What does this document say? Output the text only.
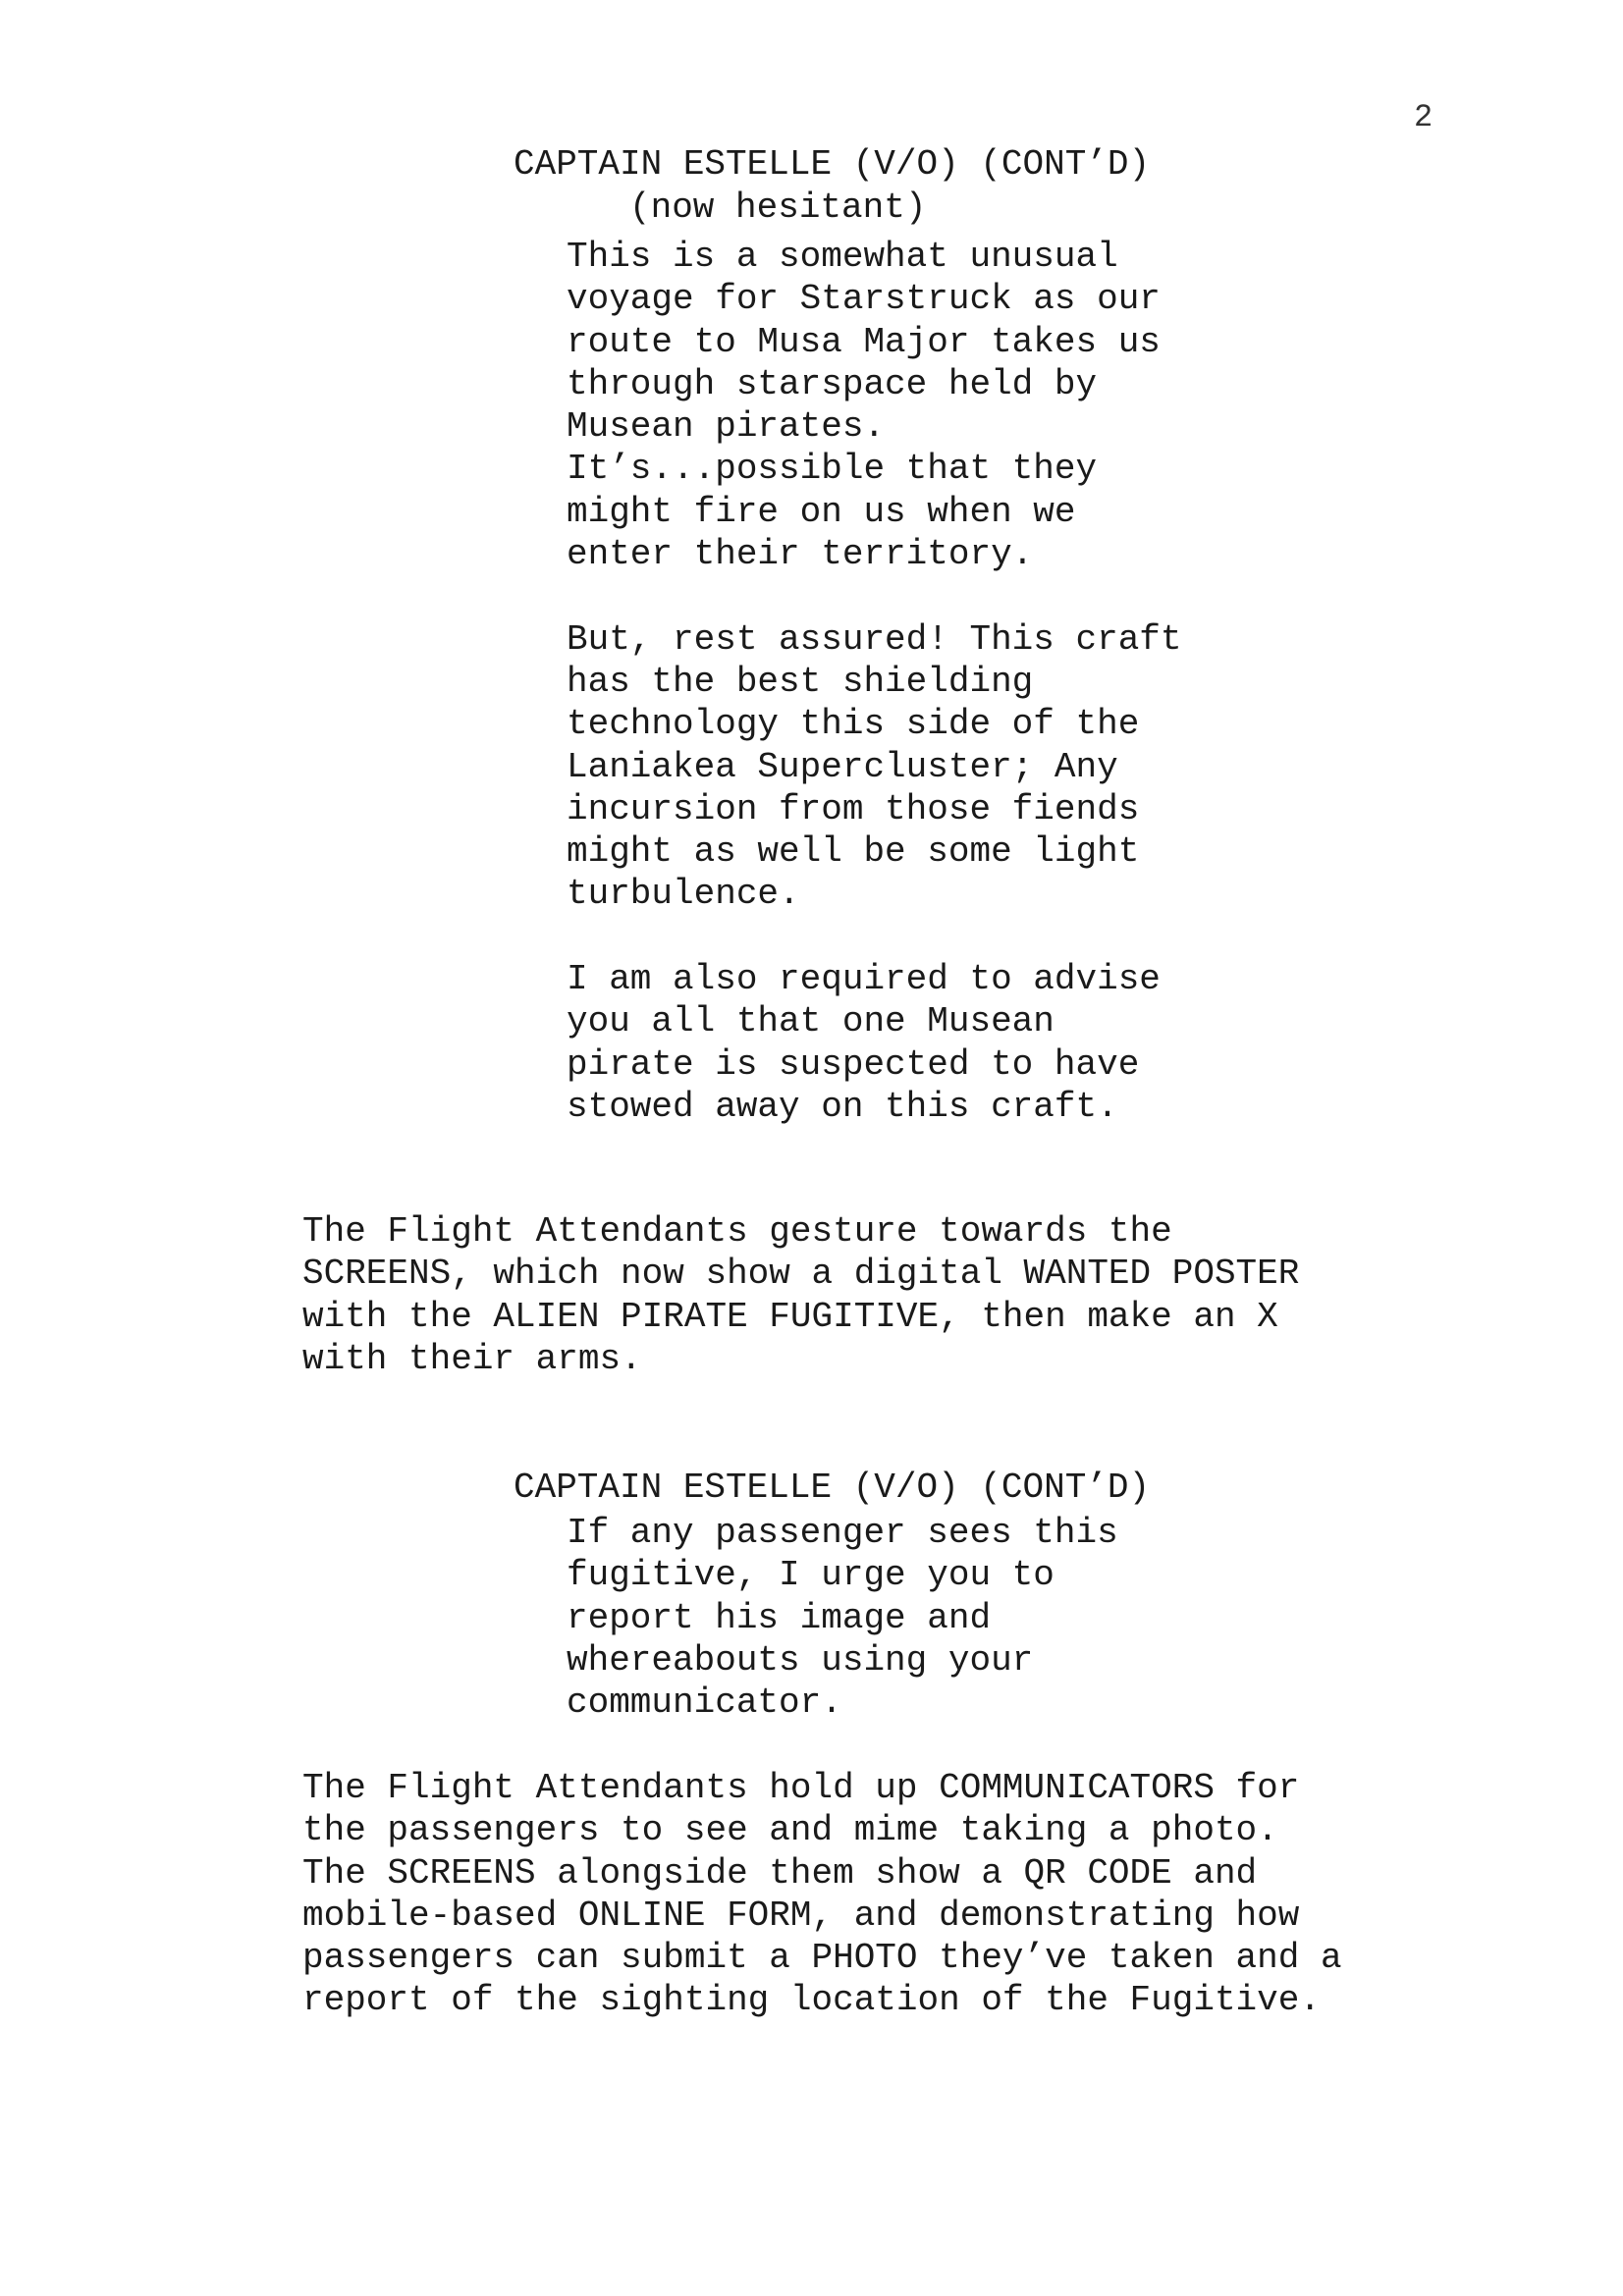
2
CAPTAIN ESTELLE (V/O) (CONT’D)
(now hesitant)
This is a somewhat unusual
voyage for Starstruck as our
route to Musa Major takes us
through starspace held by
Musean pirates.
It’s...possible that they
might fire on us when we
enter their territory.
But, rest assured! This craft
has the best shielding
technology this side of the
Laniakea Supercluster; Any
incursion from those fiends
might as well be some light
turbulence.
I am also required to advise
you all that one Musean
pirate is suspected to have
stowed away on this craft.
The Flight Attendants gesture towards the
SCREENS, which now show a digital WANTED POSTER
with the ALIEN PIRATE FUGITIVE, then make an X
with their arms.
CAPTAIN ESTELLE (V/O) (CONT’D)
If any passenger sees this
fugitive, I urge you to
report his image and
whereabouts using your
communicator.
The Flight Attendants hold up COMMUNICATORS for
the passengers to see and mime taking a photo.
The SCREENS alongside them show a QR CODE and
mobile-based ONLINE FORM, and demonstrating how
passengers can submit a PHOTO they’ve taken and a
report of the sighting location of the Fugitive.
